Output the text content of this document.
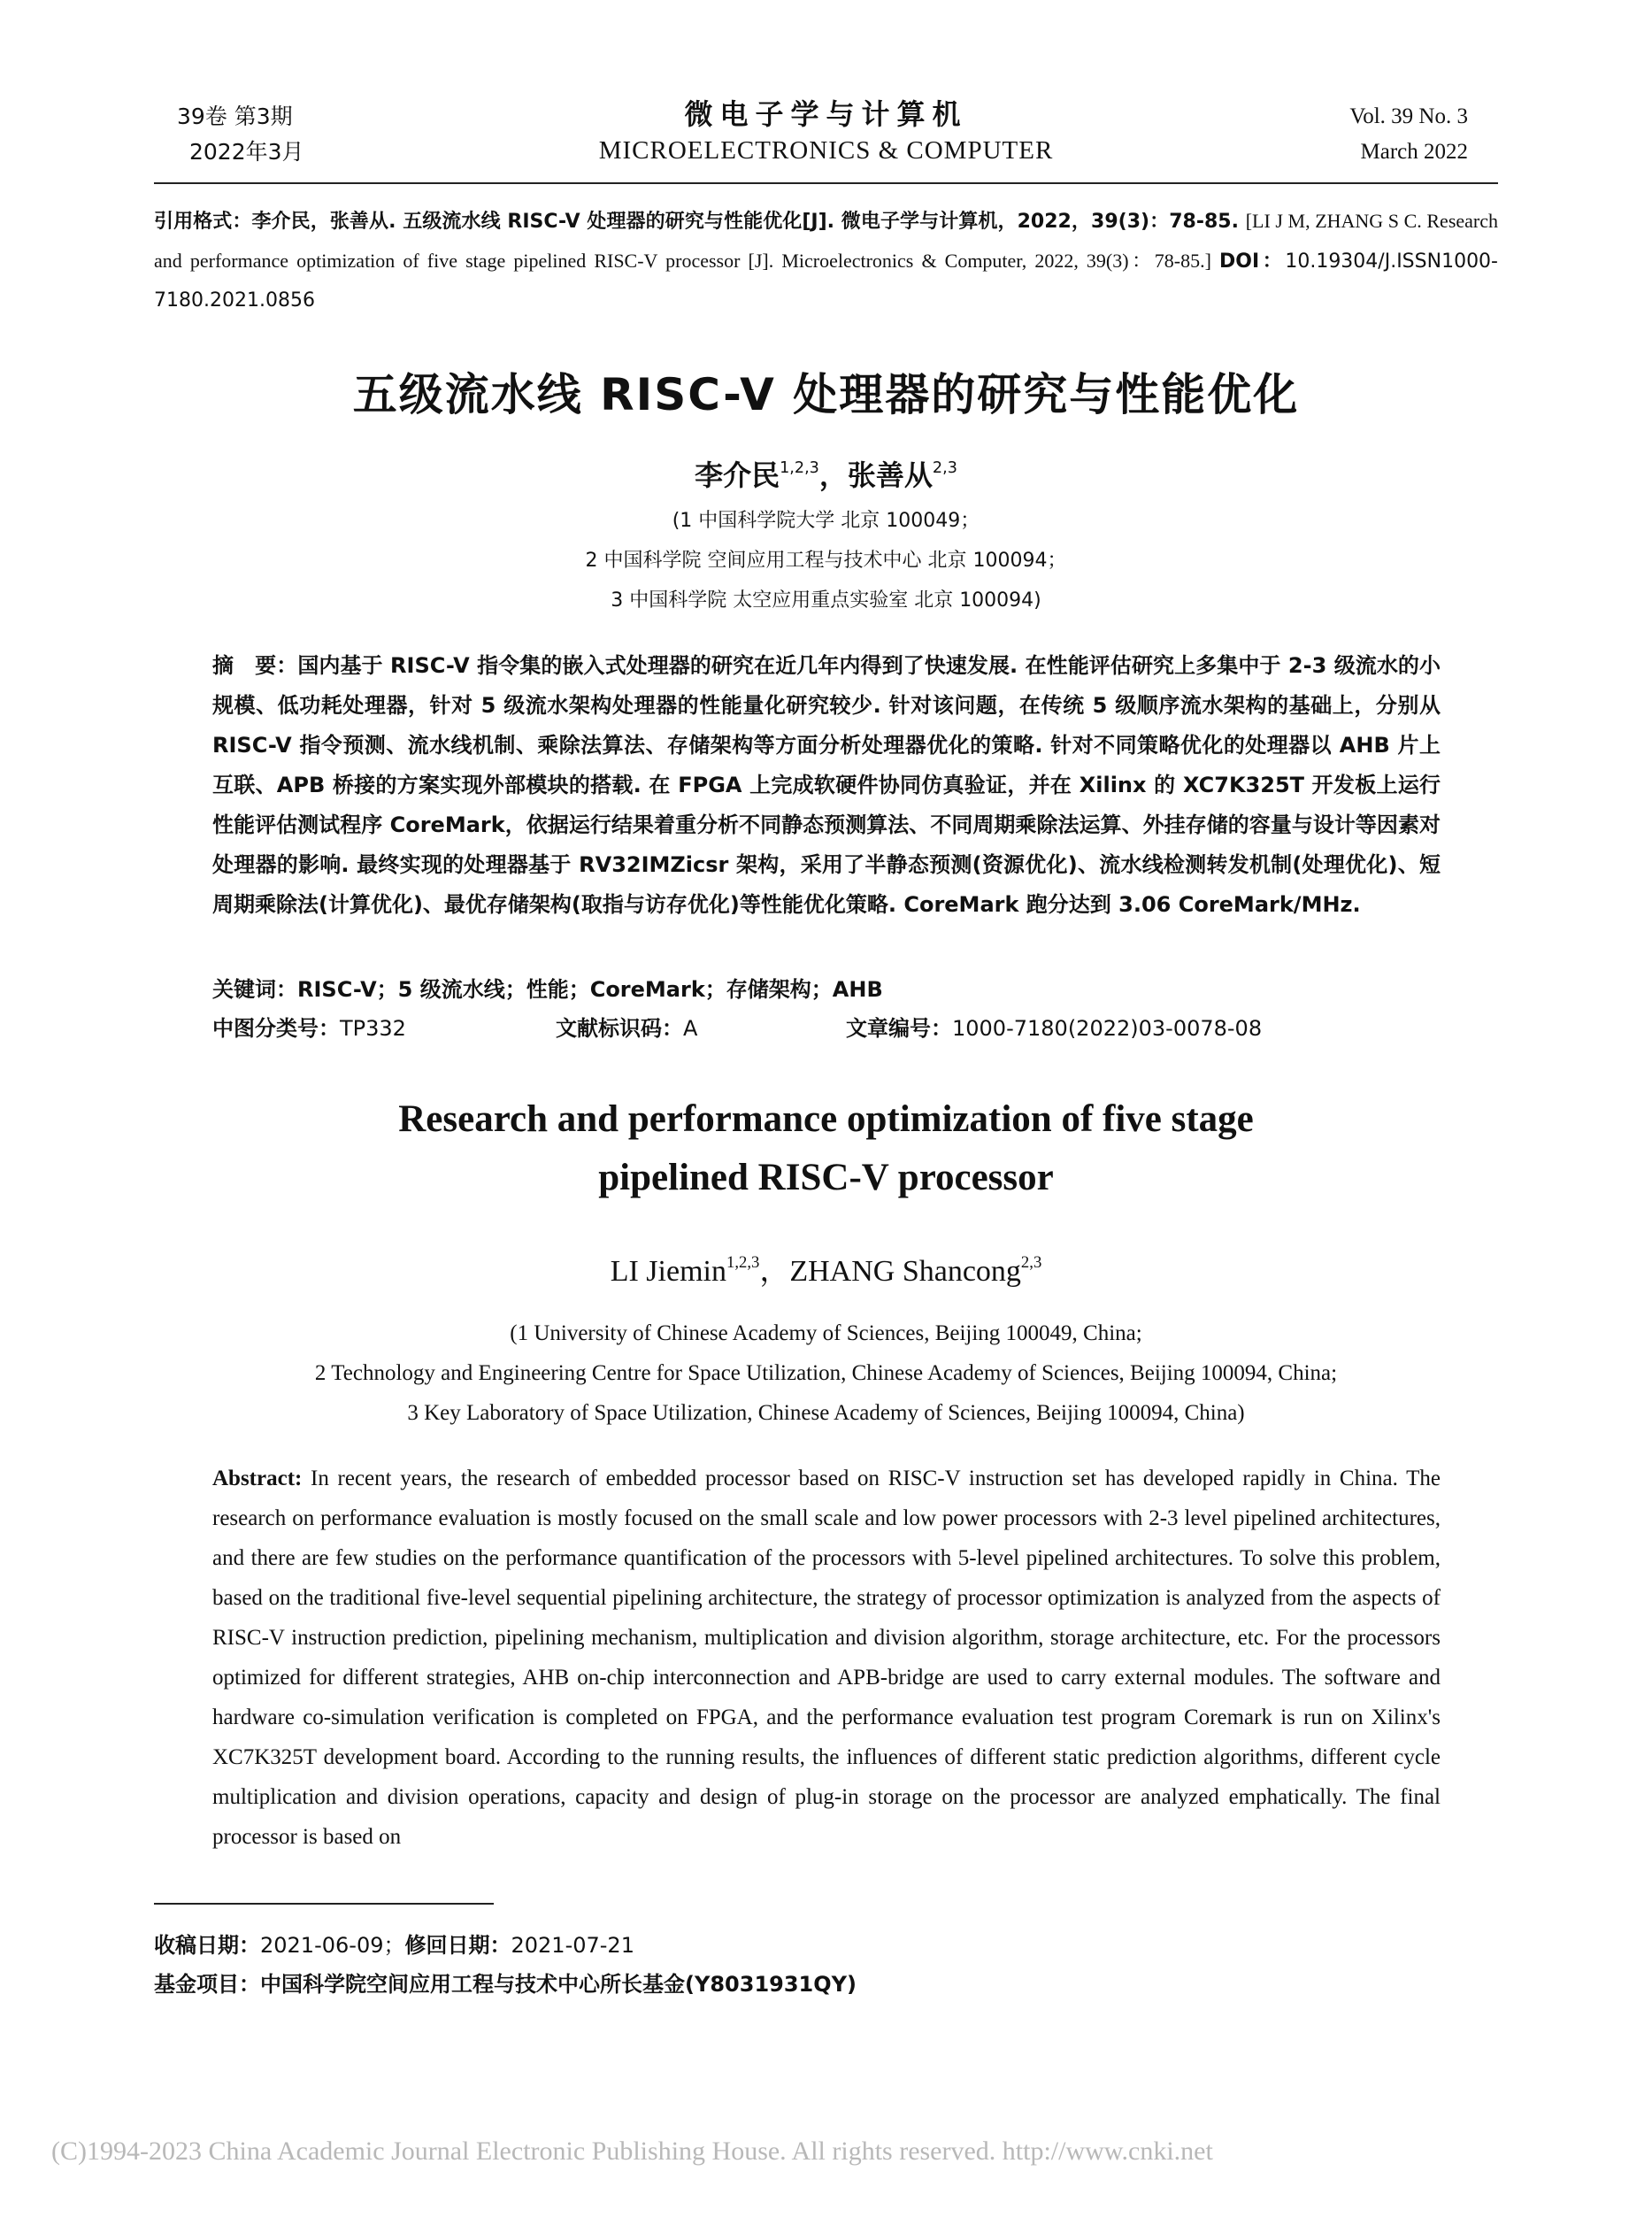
39卷 第3期
2022年3月
微电子学与计算机
MICROELECTRONICS & COMPUTER
Vol. 39 No. 3
March 2022
引用格式：李介民，张善从. 五级流水线 RISC-V 处理器的研究与性能优化[J]. 微电子学与计算机，2022，39(3)：78-85. [LI J M, ZHANG S C. Research and performance optimization of five stage pipelined RISC-V processor [J]. Microelectronics & Computer, 2022, 39(3)：78-85.] DOI：10.19304/J.ISSN1000-7180.2021.0856
五级流水线 RISC-V 处理器的研究与性能优化
李介民$^{1,2,3}$，张善从$^{2,3}$
(1 中国科学院大学 北京 100049；
2 中国科学院 空间应用工程与技术中心 北京 100094；
3 中国科学院 太空应用重点实验室 北京 100094)
摘　要：国内基于 RISC-V 指令集的嵌入式处理器的研究在近几年内得到了快速发展. 在性能评估研究上多集中于 2-3 级流水的小规模、低功耗处理器，针对 5 级流水架构处理器的性能量化研究较少. 针对该问题，在传统 5 级顺序流水架构的基础上，分别从 RISC-V 指令预测、流水线机制、乘除法算法、存储架构等方面分析处理器优化的策略. 针对不同策略优化的处理器以 AHB 片上互联、APB 桥接的方案实现外部模块的搭载. 在 FPGA 上完成软硬件协同仿真验证，并在 Xilinx 的 XC7K325T 开发板上运行性能评估测试程序 CoreMark，依据运行结果着重分析不同静态预测算法、不同周期乘除法运算、外挂存储的容量与设计等因素对处理器的影响. 最终实现的处理器基于 RV32IMZicsr 架构，采用了半静态预测(资源优化)、流水线检测转发机制(处理优化)、短周期乘除法(计算优化)、最优存储架构(取指与访存优化)等性能优化策略. CoreMark 跑分达到 3.06 CoreMark/MHz.
关键词：RISC-V；5 级流水线；性能；CoreMark；存储架构；AHB
中图分类号：TP332	文献标识码：A	文章编号：1000-7180(2022)03-0078-08
Research and performance optimization of five stage
pipelined RISC-V processor
LI Jiemin$^{1,2,3}$，ZHANG Shancong$^{2,3}$
(1 University of Chinese Academy of Sciences, Beijing 100049, China;
2 Technology and Engineering Centre for Space Utilization, Chinese Academy of Sciences, Beijing 100094, China;
3 Key Laboratory of Space Utilization, Chinese Academy of Sciences, Beijing 100094, China)
Abstract: In recent years, the research of embedded processor based on RISC-V instruction set has developed rapidly in China. The research on performance evaluation is mostly focused on the small scale and low power processors with 2-3 level pipelined architectures, and there are few studies on the performance quantification of the processors with 5-level pipelined architectures. To solve this problem, based on the traditional five-level sequential pipelining architecture, the strategy of processor optimization is analyzed from the aspects of RISC-V instruction prediction, pipelining mechanism, multiplication and division algorithm, storage architecture, etc. For the processors optimized for different strategies, AHB on-chip interconnection and APB-bridge are used to carry external modules. The software and hardware co-simulation verification is completed on FPGA, and the performance evaluation test program Coremark is run on Xilinx's XC7K325T development board. According to the running results, the influences of different static prediction algorithms, different cycle multiplication and division operations, capacity and design of plug-in storage on the processor are analyzed emphatically. The final processor is based on
收稿日期：2021-06-09；修回日期：2021-07-21
基金项目：中国科学院空间应用工程与技术中心所长基金(Y8031931QY)
(C)1994-2023 China Academic Journal Electronic Publishing House. All rights reserved. http://www.cnki.net
